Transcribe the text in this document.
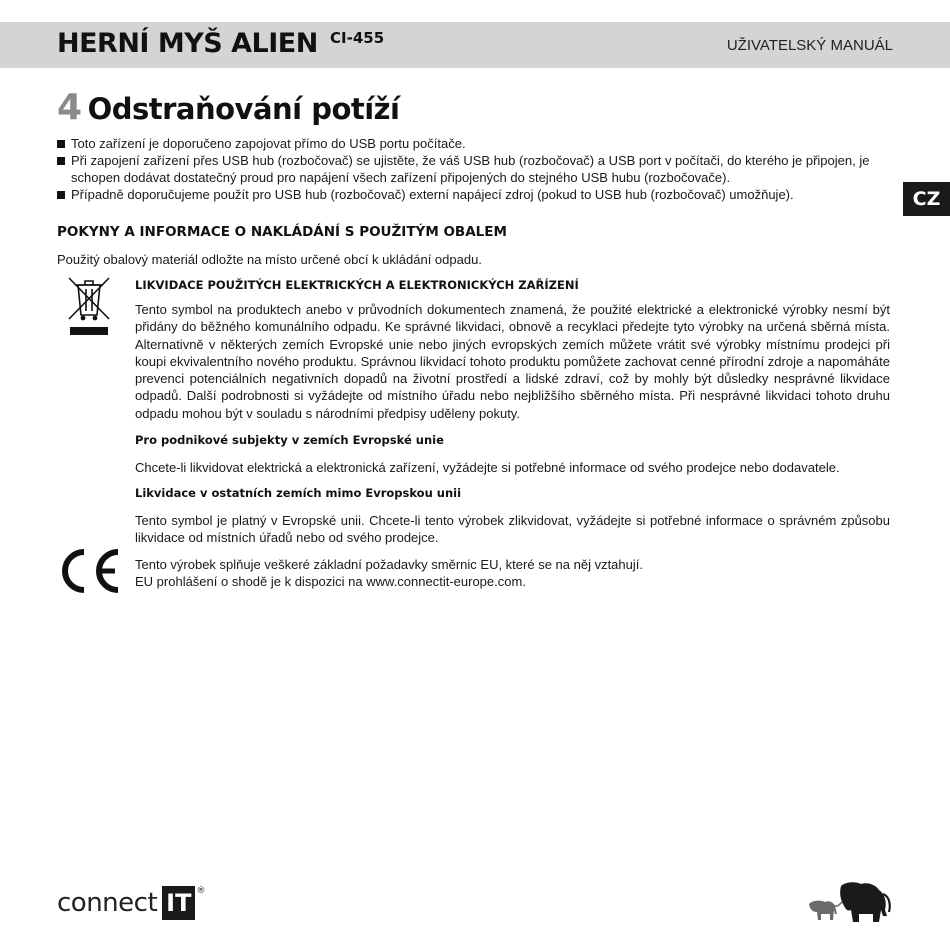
HERNÍ MYŠ ALIEN CI-455	UŽIVATELSKÝ MANUÁL
4 Odstraňování potíží
CZ
Toto zařízení je doporučeno zapojovat přímo do USB portu počítače.
Při zapojení zařízení přes USB hub (rozbočovač) se ujistěte, že váš USB hub (rozbočovač) a USB port v počítači, do kterého je připojen, je schopen dodávat dostatečný proud pro napájení všech zařízení připojených do stejného USB hubu (rozbočovače).
Případně doporučujeme použít pro USB hub (rozbočovač) externí napájecí zdroj (pokud to USB hub (rozbočovač) umožňuje).
POKYNY A INFORMACE O NAKLÁDÁNÍ S POUŽITÝM OBALEM
Použitý obalový materiál odložte na místo určené obcí k ukládání odpadu.
LIKVIDACE POUŽITÝCH ELEKTRICKÝCH A ELEKTRONICKÝCH ZAŘÍZENÍ
Tento symbol na produktech anebo v průvodních dokumentech znamená, že použité elektrické a elektronické výrobky nesmí být přidány do běžného komunálního odpadu. Ke správné likvidaci, obnově a recyklaci předejte tyto výrobky na určená sběrná místa. Alternativně v některých zemích Evropské unie nebo jiných evropských zemích můžete vrátit své výrobky místnímu prodejci při koupi ekvivalentního nového produktu. Správnou likvidací tohoto produktu pomůžete zachovat cenné přírodní zdroje a napomáháte prevenci potenciálních negativních dopadů na životní prostředí a lidské zdraví, což by mohly být důsledky nesprávné likvidace odpadů. Další podrobnosti si vyžádejte od místního úřadu nebo nejbližšího sběrného místa. Při nesprávné likvidaci tohoto druhu odpadu mohou být v souladu s národními předpisy uděleny pokuty.
Pro podnikové subjekty v zemích Evropské unie
Chcete-li likvidovat elektrická a elektronická zařízení, vyžádejte si potřebné informace od svého prodejce nebo dodavatele.
Likvidace v ostatních zemích mimo Evropskou unii
Tento symbol je platný v Evropské unii. Chcete-li tento výrobek zlikvidovat, vyžádejte si potřebné informace o správném způsobu likvidace od místních úřadů nebo od svého prodejce.
Tento výrobek splňuje veškeré základní požadavky směrnic EU, které se na něj vztahují.
EU prohlášení o shodě je k dispozici na www.connectit-europe.com.
connect IT ®
